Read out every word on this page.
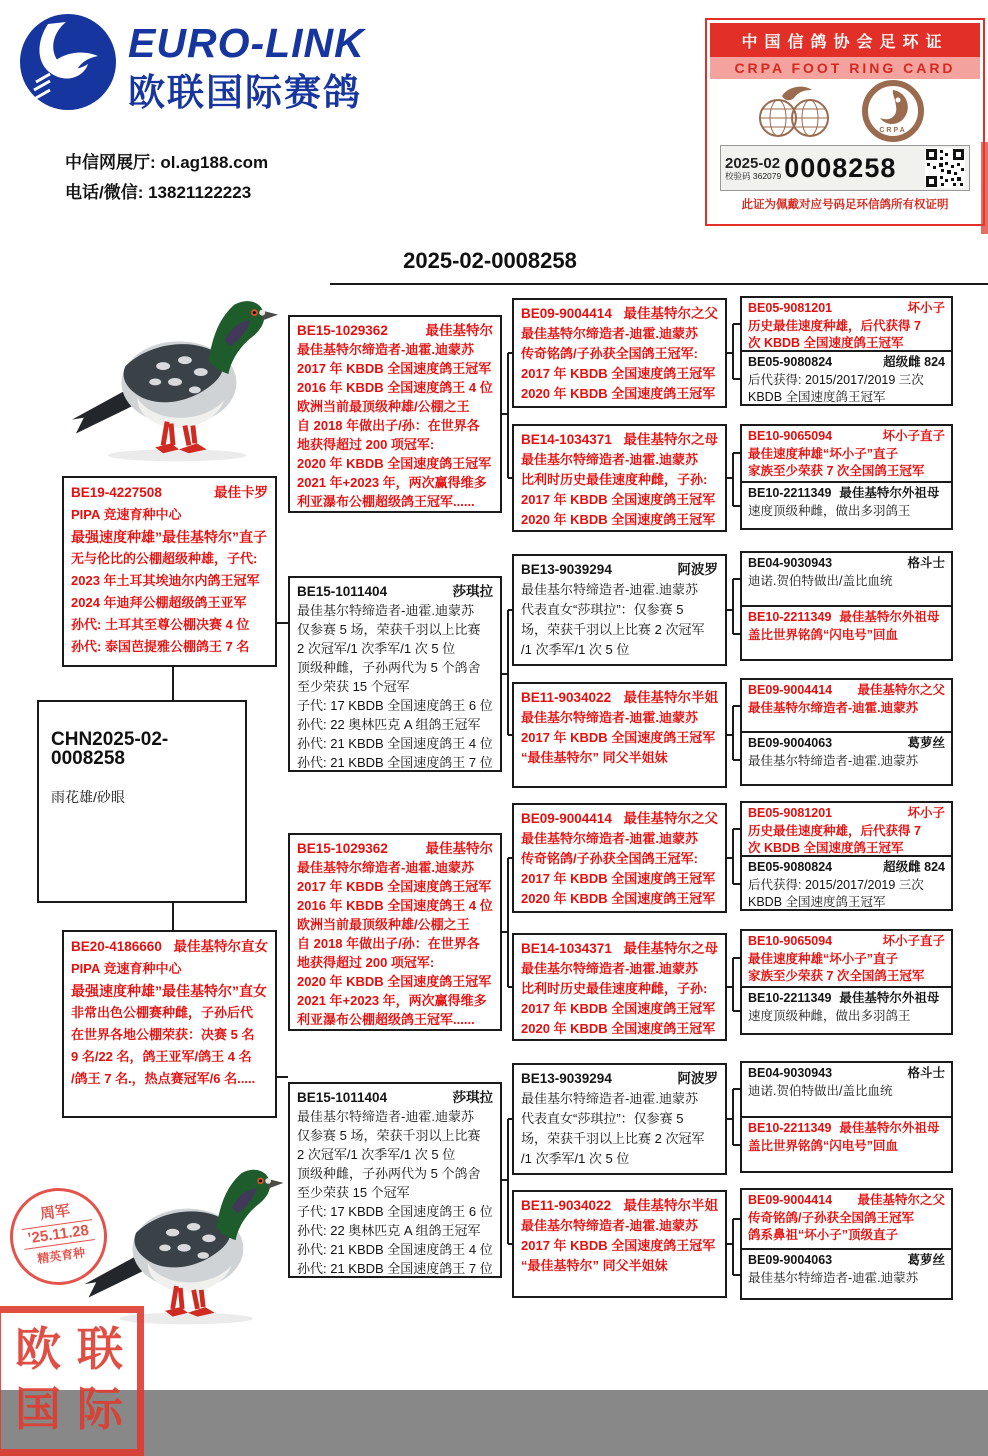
EURO-LINK
欧联国际赛鸽
中信网展厅: ol.ag188.com
电话/微信: 13821122223
中国信鸽协会足环证
CRPA FOOT RING CARD
CRPA
2025-02
校验码 362079 0008258
此证为佩戴对应号码足环信鸽所有权证明
2025-02-0008258
BE19-4227508	最佳卡罗
PIPA 竞速育种中心
最强速度种雄”最佳基特尔”直子
无与伦比的公棚超级种雄，子代:
2023 年土耳其埃迪尔内鸽王冠军
2024 年迪拜公棚超级鸽王亚军
孙代: 土耳其至尊公棚决赛 4 位
孙代: 泰国芭提雅公棚鸽王 7 名
CHN2025-02-0008258
雨花雄/砂眼
BE20-4186660 最佳基特尔直女
PIPA 竞速育种中心
最强速度种雄”最佳基特尔”直女
非常出色公棚赛种雌，子孙后代
在世界各地公棚荣获：决赛 5 名
9 名/22 名，鸽王亚军/鸽王 4 名
/鸽王 7 名.，热点赛冠军/6 名.....
BE15-1029362	最佳基特尔
最佳基特尔缔造者-迪霍.迪蒙苏
2017 年 KBDB 全国速度鸽王冠军
2016 年 KBDB 全国速度鸽王 4 位
欧洲当前最顶级种雄/公棚之王
自 2018 年做出子/孙：在世界各
地获得超过 200 项冠军:
2020 年 KBDB 全国速度鸽王冠军
2021 年+2023 年，两次赢得维多
利亚瀑布公棚超级鸽王冠军......
BE15-1011404	莎琪拉
最佳基尔特缔造者-迪霍.迪蒙苏
仅参赛 5 场，荣获千羽以上比赛
2 次冠军/1 次季军/1 次 5 位
顶级种雌，子孙两代为 5 个鸽舍
至少荣获 15 个冠军
子代: 17 KBDB 全国速度鸽王 6 位
孙代: 22 奥林匹克 A 组鸽王冠军
孙代: 21 KBDB 全国速度鸽王 4 位
孙代: 21 KBDB 全国速度鸽王 7 位
BE15-1029362	最佳基特尔
最佳基特尔缔造者-迪霍.迪蒙苏
2017 年 KBDB 全国速度鸽王冠军
2016 年 KBDB 全国速度鸽王 4 位
欧洲当前最顶级种雄/公棚之王
自 2018 年做出子/孙：在世界各
地获得超过 200 项冠军:
2020 年 KBDB 全国速度鸽王冠军
2021 年+2023 年，两次赢得维多
利亚瀑布公棚超级鸽王冠军......
BE15-1011404	莎琪拉
最佳基尔特缔造者-迪霍.迪蒙苏
仅参赛 5 场，荣获千羽以上比赛
2 次冠军/1 次季军/1 次 5 位
顶级种雌，子孙两代为 5 个鸽舍
至少荣获 15 个冠军
子代: 17 KBDB 全国速度鸽王 6 位
孙代: 22 奥林匹克 A 组鸽王冠军
孙代: 21 KBDB 全国速度鸽王 4 位
孙代: 21 KBDB 全国速度鸽王 7 位
BE09-9004414 最佳基特尔之父
最佳基特尔缔造者-迪霍.迪蒙苏
传奇铭鸽/子孙获全国鸽王冠军:
2017 年 KBDB 全国速度鸽王冠军
2020 年 KBDB 全国速度鸽王冠军
BE14-1034371 最佳基特尔之母
最佳基尔特缔造者-迪霍.迪蒙苏
比利时历史最佳速度种雌，子孙:
2017 年 KBDB 全国速度鸽王冠军
2020 年 KBDB 全国速度鸽王冠军
BE13-9039294	阿波罗
最佳基尔特缔造者-迪霍.迪蒙苏
代表直女“莎琪拉”：仅参赛 5
场，荣获千羽以上比赛 2 次冠军
/1 次季军/1 次 5 位
BE11-9034022 最佳基特尔半姐
最佳基尔特缔造者-迪霍.迪蒙苏
2017 年 KBDB 全国速度鸽王冠军
“最佳基特尔” 同父半姐妹
BE09-9004414 最佳基特尔之父
最佳基特尔缔造者-迪霍.迪蒙苏
传奇铭鸽/子孙获全国鸽王冠军:
2017 年 KBDB 全国速度鸽王冠军
2020 年 KBDB 全国速度鸽王冠军
BE14-1034371 最佳基特尔之母
最佳基尔特缔造者-迪霍.迪蒙苏
比利时历史最佳速度种雌，子孙:
2017 年 KBDB 全国速度鸽王冠军
2020 年 KBDB 全国速度鸽王冠军
BE13-9039294	阿波罗
最佳基尔特缔造者-迪霍.迪蒙苏
代表直女“莎琪拉”：仅参赛 5
场，荣获千羽以上比赛 2 次冠军
/1 次季军/1 次 5 位
BE11-9034022 最佳基特尔半姐
最佳基尔特缔造者-迪霍.迪蒙苏
2017 年 KBDB 全国速度鸽王冠军
“最佳基特尔” 同父半姐妹
BE05-9081201	坏小子
历史最佳速度种雄，后代获得 7
次 KBDB 全国速度鸽王冠军
BE05-9080824	超级雌 824
后代获得: 2015/2017/2019 三次
KBDB 全国速度鸽王冠军
BE10-9065094	坏小子直子
最佳速度种雄“坏小子”直子
家族至少荣获 7 次全国鸽王冠军
BE10-2211349 最佳基特尔外祖母
速度顶级种雌，做出多羽鸽王
BE04-9030943	格斗士
迪诺.贺伯特做出/盖比血统
BE10-2211349 最佳基特尔外祖母
盖比世界铭鸽“闪电号”回血
BE09-9004414 最佳基特尔之父
最佳基特尔缔造者-迪霍.迪蒙苏
BE09-9004063	葛萝丝
最佳基尔特缔造者-迪霍.迪蒙苏
BE05-9081201	坏小子
历史最佳速度种雄，后代获得 7
次 KBDB 全国速度鸽王冠军
BE05-9080824	超级雌 824
后代获得: 2015/2017/2019 三次
KBDB 全国速度鸽王冠军
BE10-9065094	坏小子直子
最佳速度种雄“坏小子”直子
家族至少荣获 7 次全国鸽王冠军
BE10-2211349 最佳基特尔外祖母
速度顶级种雌，做出多羽鸽王
BE04-9030943	格斗士
迪诺.贺伯特做出/盖比血统
BE10-2211349 最佳基特尔外祖母
盖比世界铭鸽“闪电号”回血
BE09-9004414 最佳基特尔之父
传奇铭鸽/子孙获全国鸽王冠军
鸽系鼻祖“坏小子”顶级直子
BE09-9004063	葛萝丝
最佳基尔特缔造者-迪霍.迪蒙苏
周军
’25.11.28
精英育种
欧 联
国 际
